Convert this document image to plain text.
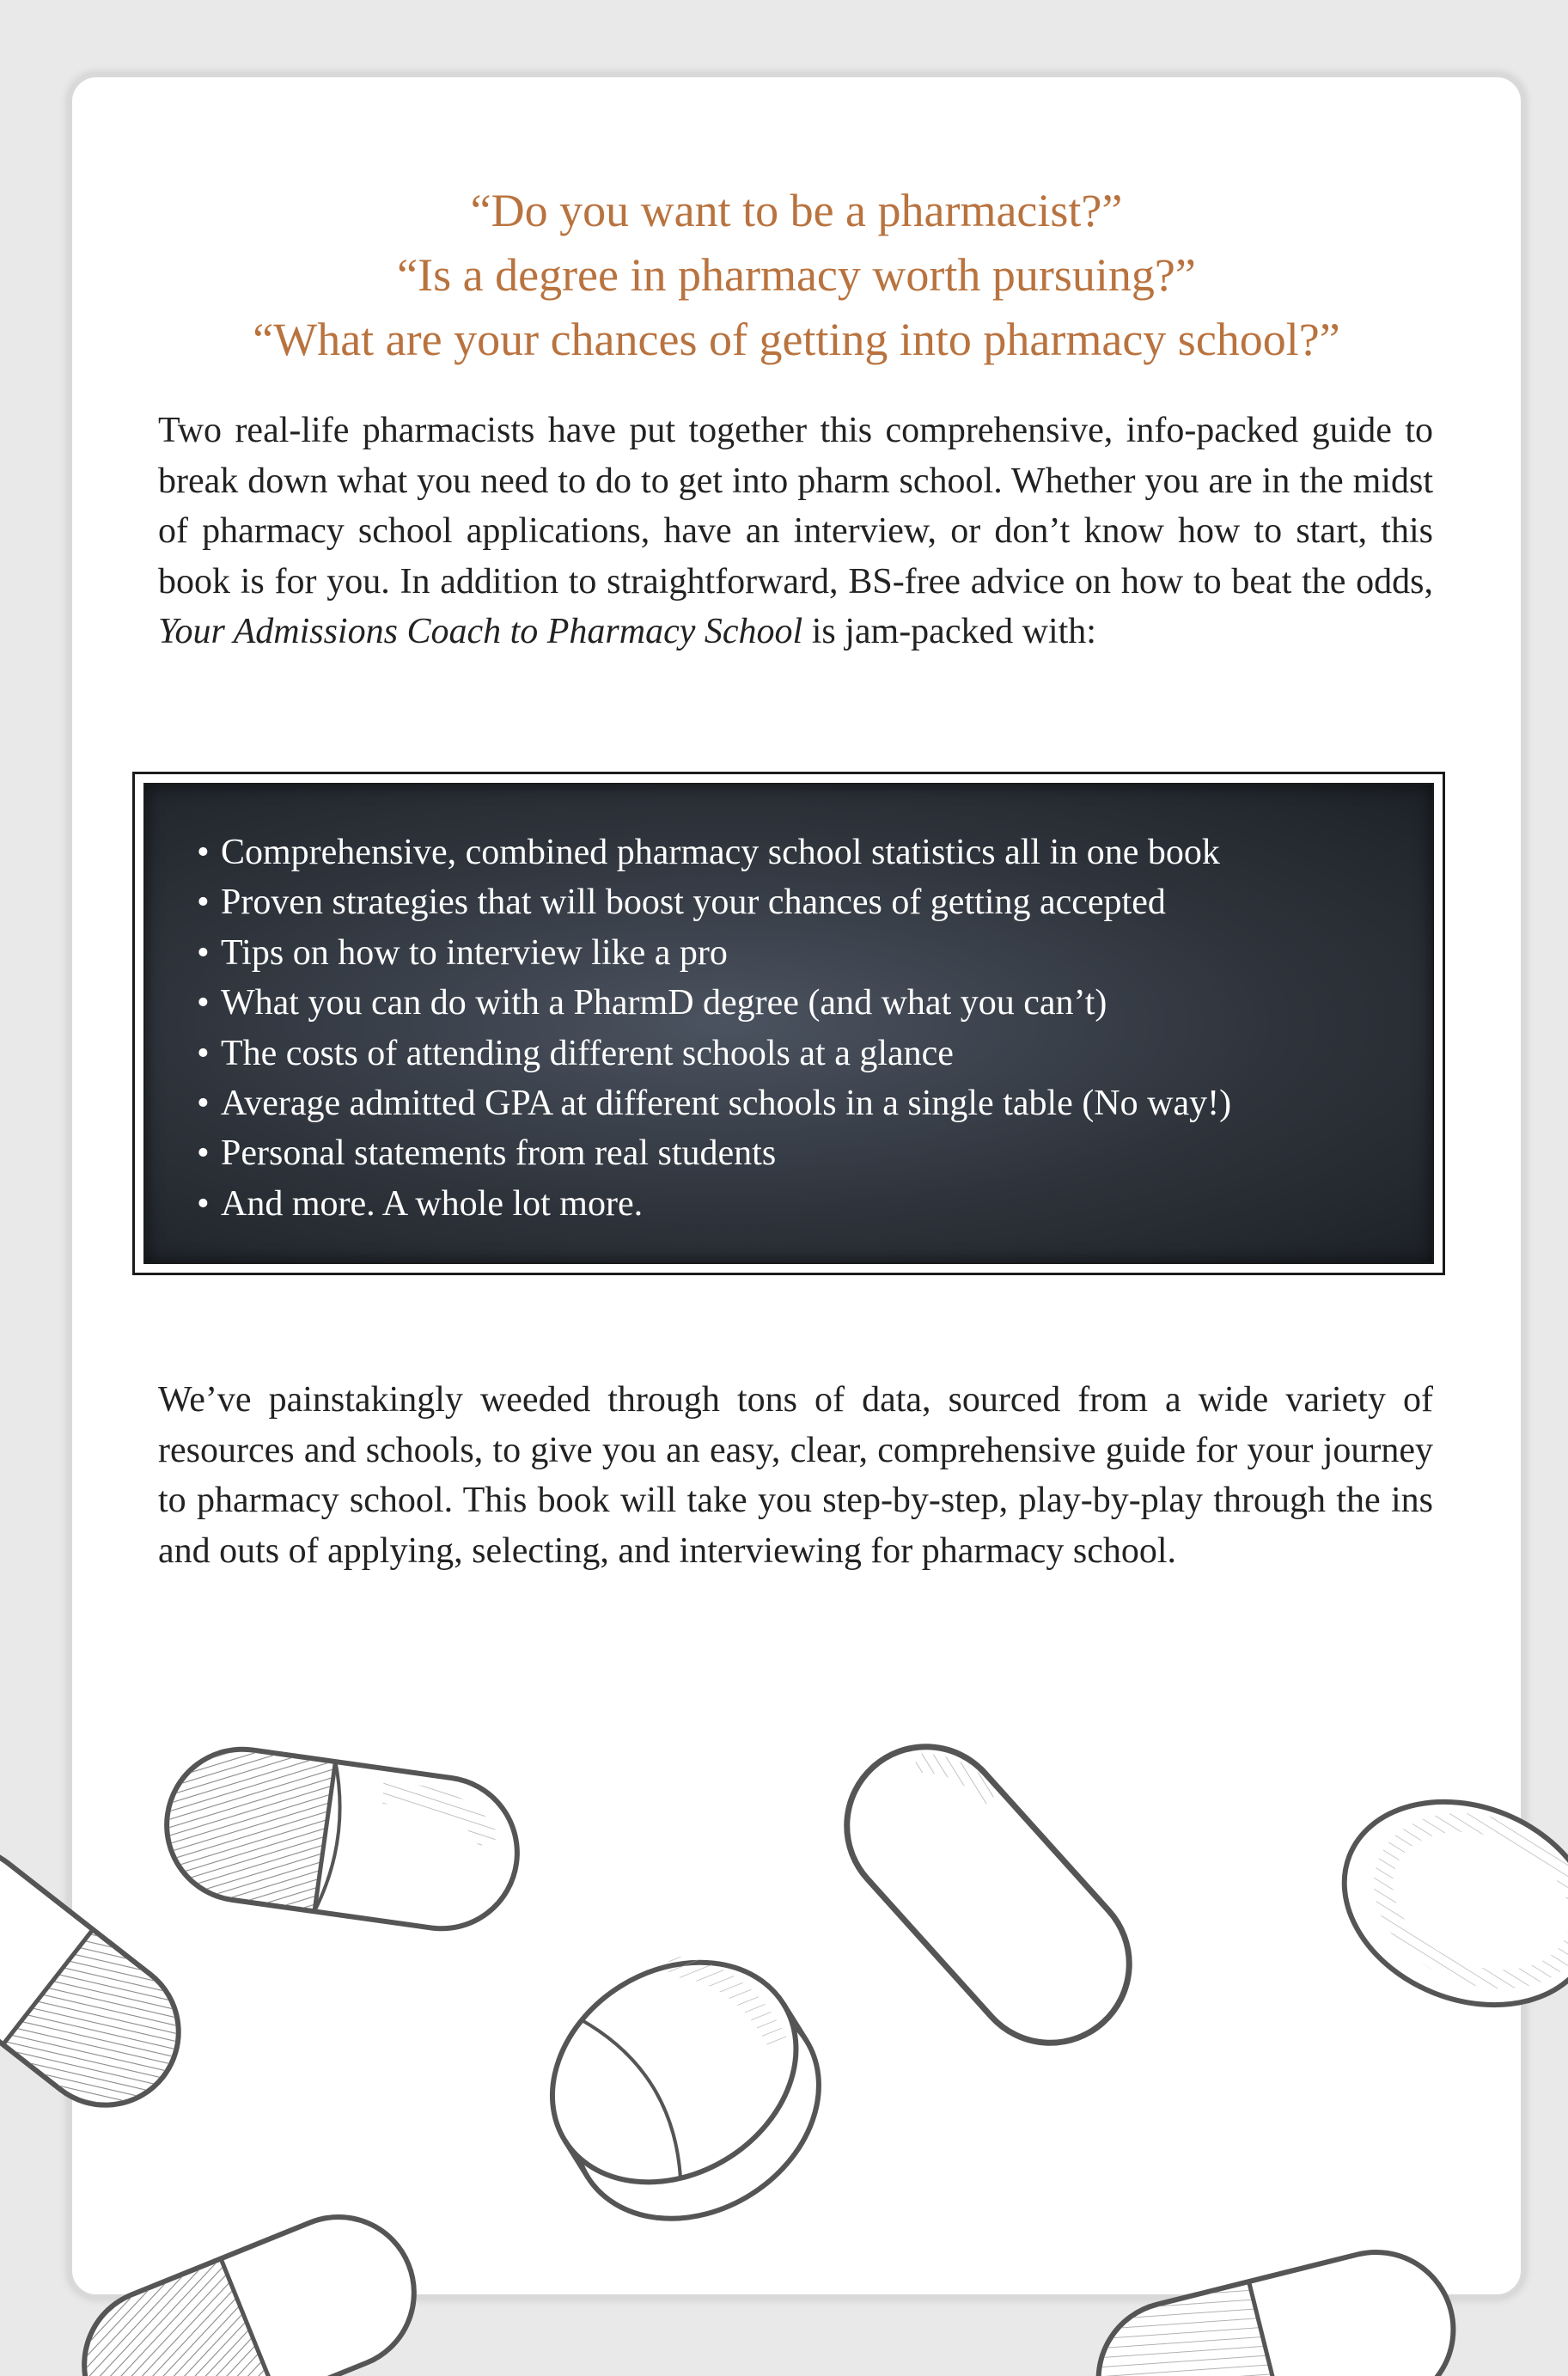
“Do you want to be a pharmacist?”
“Is a degree in pharmacy worth pursuing?”
“What are your chances of getting into pharmacy school?”

Two real-life pharmacists have put together this comprehensive, info-packed guide to break down what you need to do to get into pharm school. Whether you are in the midst of pharmacy school applications, have an interview, or don’t know how to start, this book is for you. In addition to straightforward, BS-free advice on how to beat the odds, Your Admissions Coach to Pharmacy School is jam-packed with:

• Comprehensive, combined pharmacy school statistics all in one book
• Proven strategies that will boost your chances of getting accepted
• Tips on how to interview like a pro
• What you can do with a PharmD degree (and what you can’t)
• The costs of attending different schools at a glance
• Average admitted GPA at different schools in a single table (No way!)
• Personal statements from real students
• And more. A whole lot more.

We’ve painstakingly weeded through tons of data, sourced from a wide variety of resources and schools, to give you an easy, clear, comprehensive guide for your journey to pharmacy school. This book will take you step-by-step, play-by-play through the ins and outs of applying, selecting, and interviewing for pharmacy school.
